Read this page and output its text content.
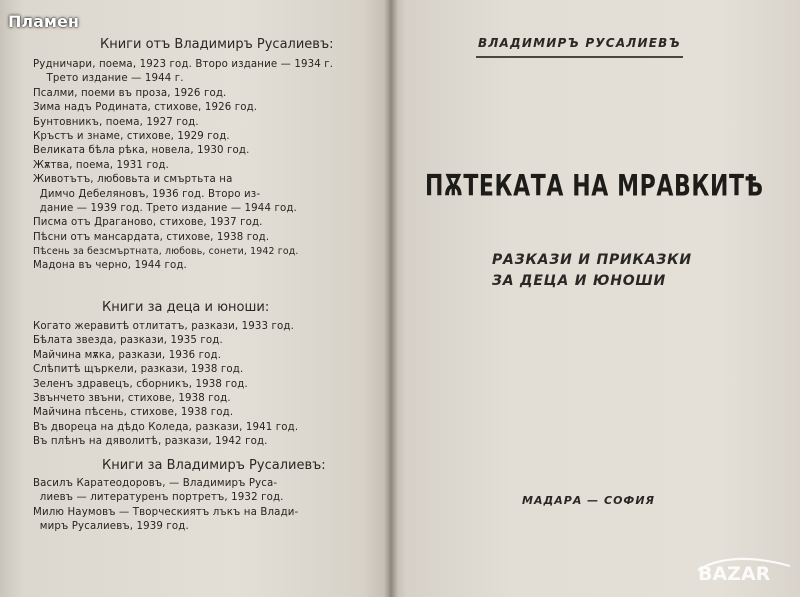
Пламен
Книги отъ Владимиръ Русалиевъ:
Рудничари, поема, 1923 год. Второ издание — 1934 г.
Трето издание — 1944 г.
Псалми, поеми въ проза, 1926 год.
Зима надъ Родината, стихове, 1926 год.
Бунтовникъ, поема, 1927 год.
Кръстъ и знаме, стихове, 1929 год.
Великата бѣла рѣка, новела, 1930 год.
Жѫтва, поема, 1931 год.
Животътъ, любовьта и смъртьта на
Димчо Дебеляновъ, 1936 год. Второ из-
дание — 1939 год. Трето издание — 1944 год.
Писма отъ Драганово, стихове, 1937 год.
Пѣсни отъ мансардата, стихове, 1938 год.
Пѣсень за безсмъртната, любовь, сонети, 1942 год.
Мадона въ черно, 1944 год.
Книги за деца и юноши:
Когато жеравитѣ отлитатъ, разкази, 1933 год.
Бѣлата звезда, разкази, 1935 год.
Майчина мѫка, разкази, 1936 год.
Слѣпитѣ щъркели, разкази, 1938 год.
Зеленъ здравецъ, сборникъ, 1938 год.
Звънчето звъни, стихове, 1938 год.
Майчина пѣсень, стихове, 1938 год.
Въ двореца на дѣдо Коледа, разкази, 1941 год.
Въ плѣнъ на дяволитѣ, разкази, 1942 год.
Книги за Владимиръ Русалиевъ:
Василъ Каратеодоровъ, — Владимиръ Руса-
лиевъ — литературенъ портретъ, 1932 год.
Милю Наумовъ — Творческиятъ лъкъ на Влади-
миръ Русалиевъ, 1939 год.
ВЛАДИМИРЪ РУСАЛИЕВЪ
ПѪТЕКАТА НА МРАВКИТѢ
РАЗКАЗИ И ПРИКАЗКИ
ЗА ДЕЦА И ЮНОШИ
МАДАРА — СОФИЯ
BAZAR
